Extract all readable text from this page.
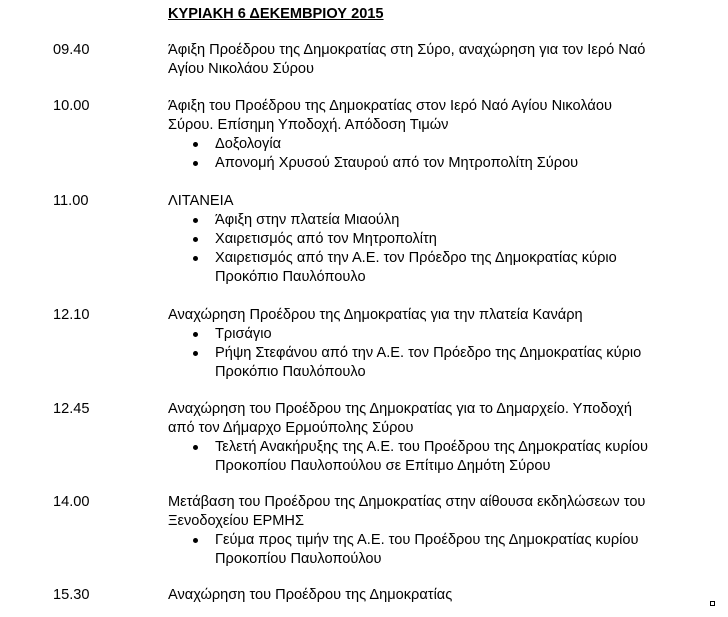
ΚΥΡΙΑΚΗ 6 ΔΕΚΕΜΒΡΙΟΥ 2015
09.40	Άφιξη Προέδρου της Δημοκρατίας στη Σύρο, αναχώρηση για τον Ιερό Ναό
Αγίου Νικολάου Σύρου
10.00	Άφιξη του Προέδρου της Δημοκρατίας στον Ιερό Ναό Αγίου Νικολάου
Σύρου. Επίσημη Υποδοχή. Απόδοση Τιμών
Δοξολογία
Απονομή Χρυσού Σταυρού από τον Μητροπολίτη Σύρου
11.00	ΛΙΤΑΝΕΙΑ
Άφιξη στην πλατεία Μιαούλη
Χαιρετισμός από τον Μητροπολίτη
Χαιρετισμός από την Α.Ε. τον Πρόεδρο της Δημοκρατίας κύριο
Προκόπιο Παυλόπουλο
12.10	Αναχώρηση Προέδρου της Δημοκρατίας για την πλατεία Κανάρη
Τρισάγιο
Ρήψη Στεφάνου από την Α.Ε. τον Πρόεδρο της Δημοκρατίας κύριο
Προκόπιο Παυλόπουλο
12.45	Αναχώρηση του Προέδρου της Δημοκρατίας για το Δημαρχείο. Υποδοχή
από τον Δήμαρχο Ερμούπολης Σύρου
Τελετή Ανακήρυξης της Α.Ε. του Προέδρου της Δημοκρατίας κυρίου
Προκοπίου Παυλοπούλου σε Επίτιμο Δημότη Σύρου
14.00	Μετάβαση του Προέδρου της Δημοκρατίας στην αίθουσα εκδηλώσεων του
Ξενοδοχείου ΕΡΜΗΣ
Γεύμα προς τιμήν της Α.Ε. του Προέδρου της Δημοκρατίας κυρίου
Προκοπίου Παυλοπούλου
15.30	Αναχώρηση του Προέδρου της Δημοκρατίας
